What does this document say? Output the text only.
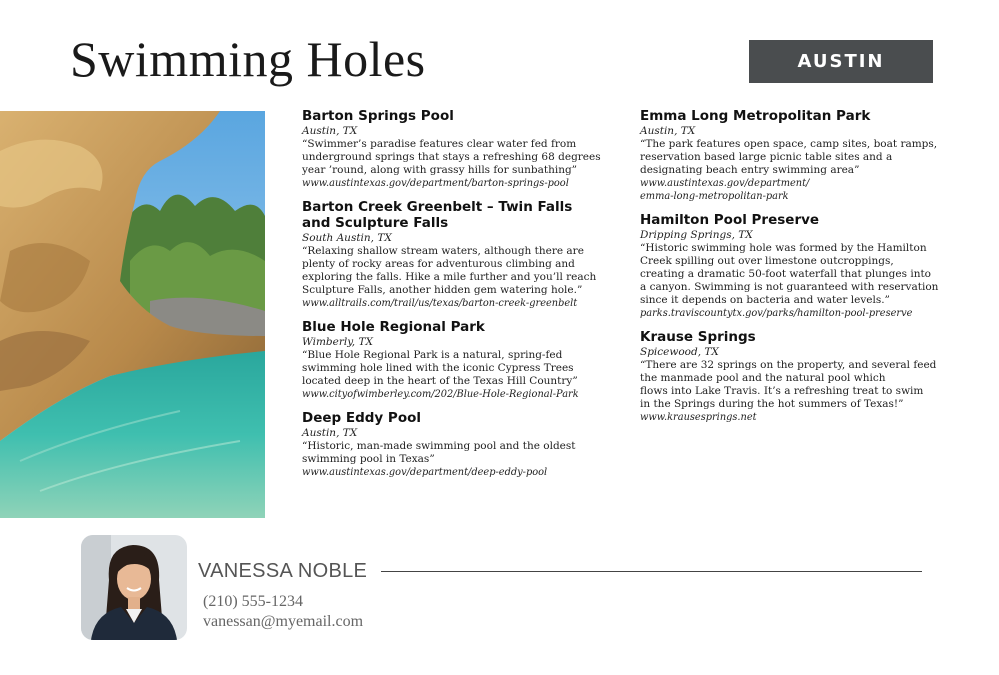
Swimming Holes	AUSTIN
Barton Springs Pool
Austin, TX
“Swimmer’s paradise features clear water fed from underground springs that stays a refreshing 68 degrees
year ’round, along with grassy hills for sunbathing”
www.austintexas.gov/department/barton-springs-pool
Barton Creek Greenbelt – Twin Falls and Sculpture Falls
South Austin, TX
“Relaxing shallow stream waters, although there are plenty of rocky areas for adventurous climbing and exploring the falls. Hike a mile further and you’ll reach
Sculpture Falls, another hidden gem watering hole.”
www.alltrails.com/trail/us/texas/barton-creek-greenbelt
Blue Hole Regional Park
Wimberly, TX
“Blue Hole Regional Park is a natural, spring-fed swimming hole lined with the iconic Cypress Trees located deep in the heart of the Texas Hill Country”
www.cityofwimberley.com/202/Blue-Hole-Regional-Park
Deep Eddy Pool
Austin, TX
“Historic, man-made swimming pool and the oldest swimming pool in Texas”
www.austintexas.gov/department/deep-eddy-pool
Emma Long Metropolitan Park
Austin, TX
“The park features open space, camp sites, boat ramps, reservation based large picnic table sites and a designating beach entry swimming area”
www.austintexas.gov/department/
emma-long-metropolitan-park
Hamilton Pool Preserve
Dripping Springs, TX
“Historic swimming hole was formed by the Hamilton Creek spilling out over limestone outcroppings, creating a dramatic 50-foot waterfall that plunges into a canyon. Swimming is not guaranteed with reservation since it depends on bacteria and water levels.”
parks.traviscountytx.gov/parks/hamilton-pool-preserve
Krause Springs
Spicewood, TX
“There are 32 springs on the property, and several feed the manmade pool and the natural pool which
flows into Lake Travis. It’s a refreshing treat to swim
in the Springs during the hot summers of Texas!”
www.krausesprings.net
VANESSA NOBLE
(210) 555-1234
vanessan@myemail.com
